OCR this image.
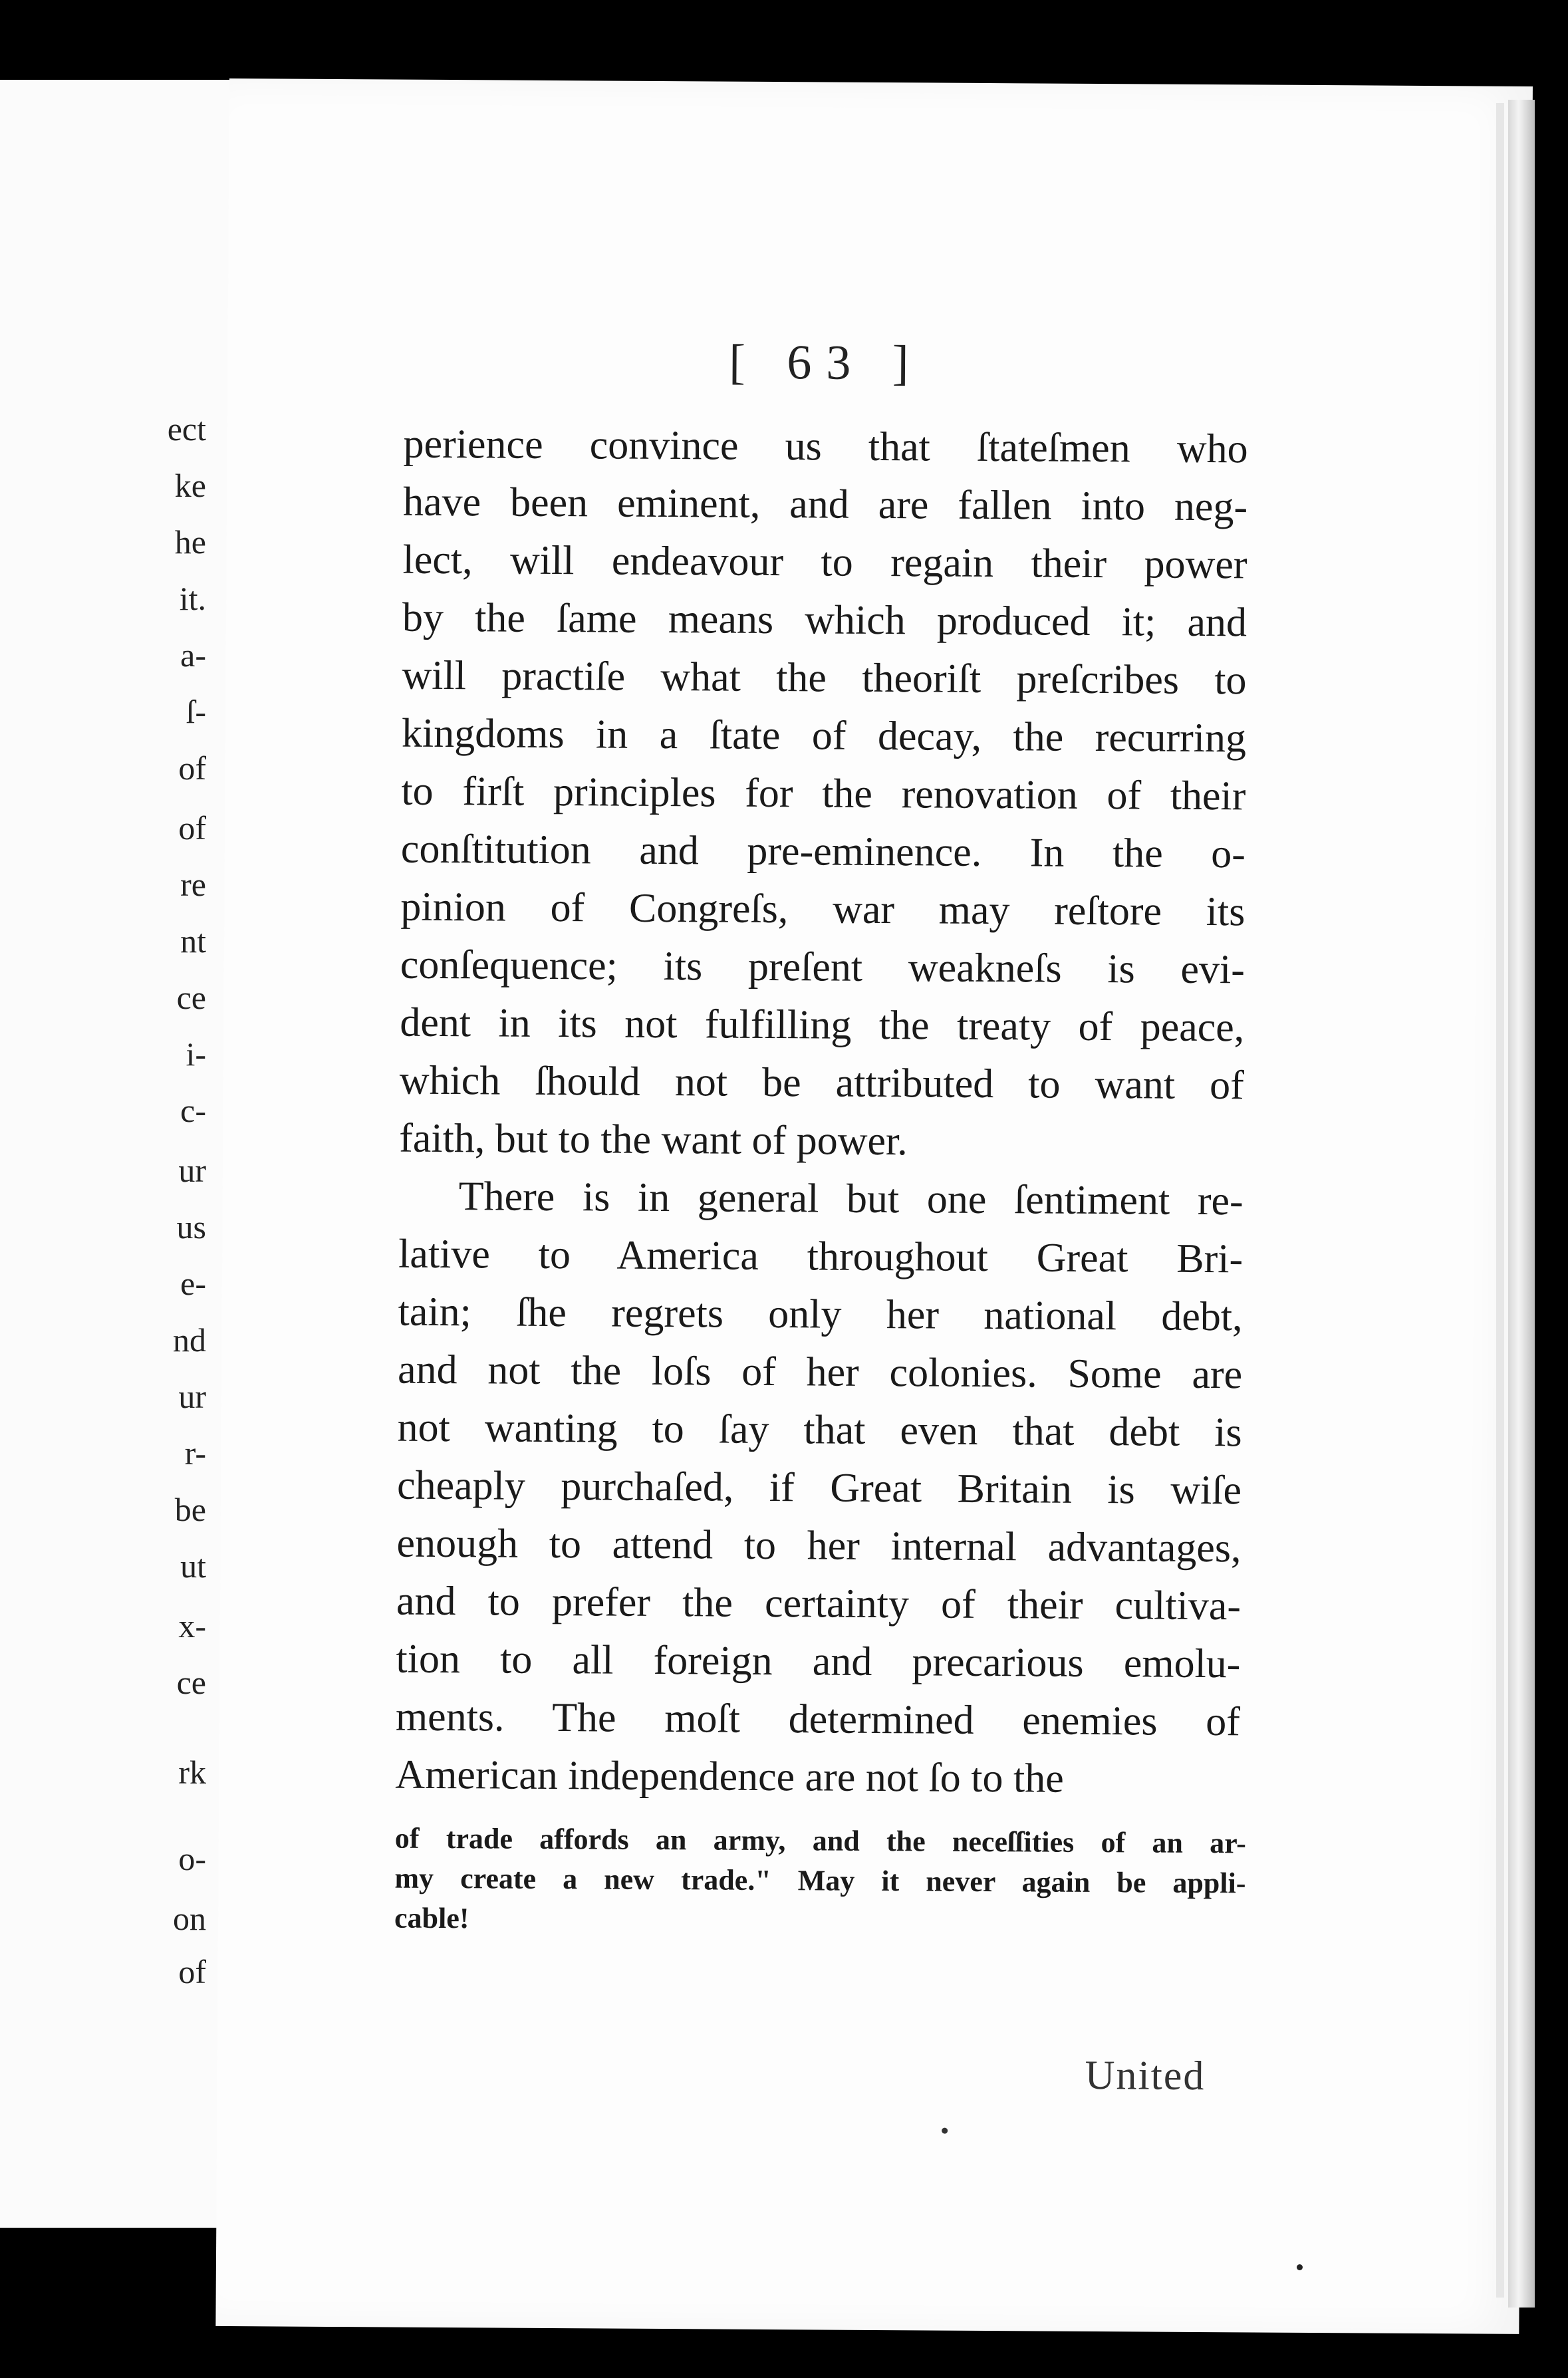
ect
ke
he
it.
a-
ſ-
of
of
re
nt
ce
i-
c-
ur
us
e-
nd
ur
r-
be
ut
x-
ce
rk
o-
on
of
[ 63 ]
perience convince us that ſtateſmen who
have been eminent, and are fallen into neg-
lect, will endeavour to regain their power
by the ſame means which produced it; and
will practiſe what the theoriſt preſcribes to
kingdoms in a ſtate of decay, the recurring
to firſt principles for the renovation of their
conſtitution and pre-eminence. In the o-
pinion of Congreſs, war may reſtore its
conſequence; its preſent weakneſs is evi-
dent in its not fulfilling the treaty of peace,
which ſhould not be attributed to want of
faith, but to the want of power.
There is in general but one ſentiment re-
lative to America throughout Great Bri-
tain; ſhe regrets only her national debt,
and not the loſs of her colonies. Some are
not wanting to ſay that even that debt is
cheaply purchaſed, if Great Britain is wiſe
enough to attend to her internal advantages,
and to prefer the certainty of their cultiva-
tion to all foreign and precarious emolu-
ments. The moſt determined enemies of
American independence are not ſo to the
of trade affords an army, and the neceſſities of an ar-
my create a new trade." May it never again be appli-
cable!
United
